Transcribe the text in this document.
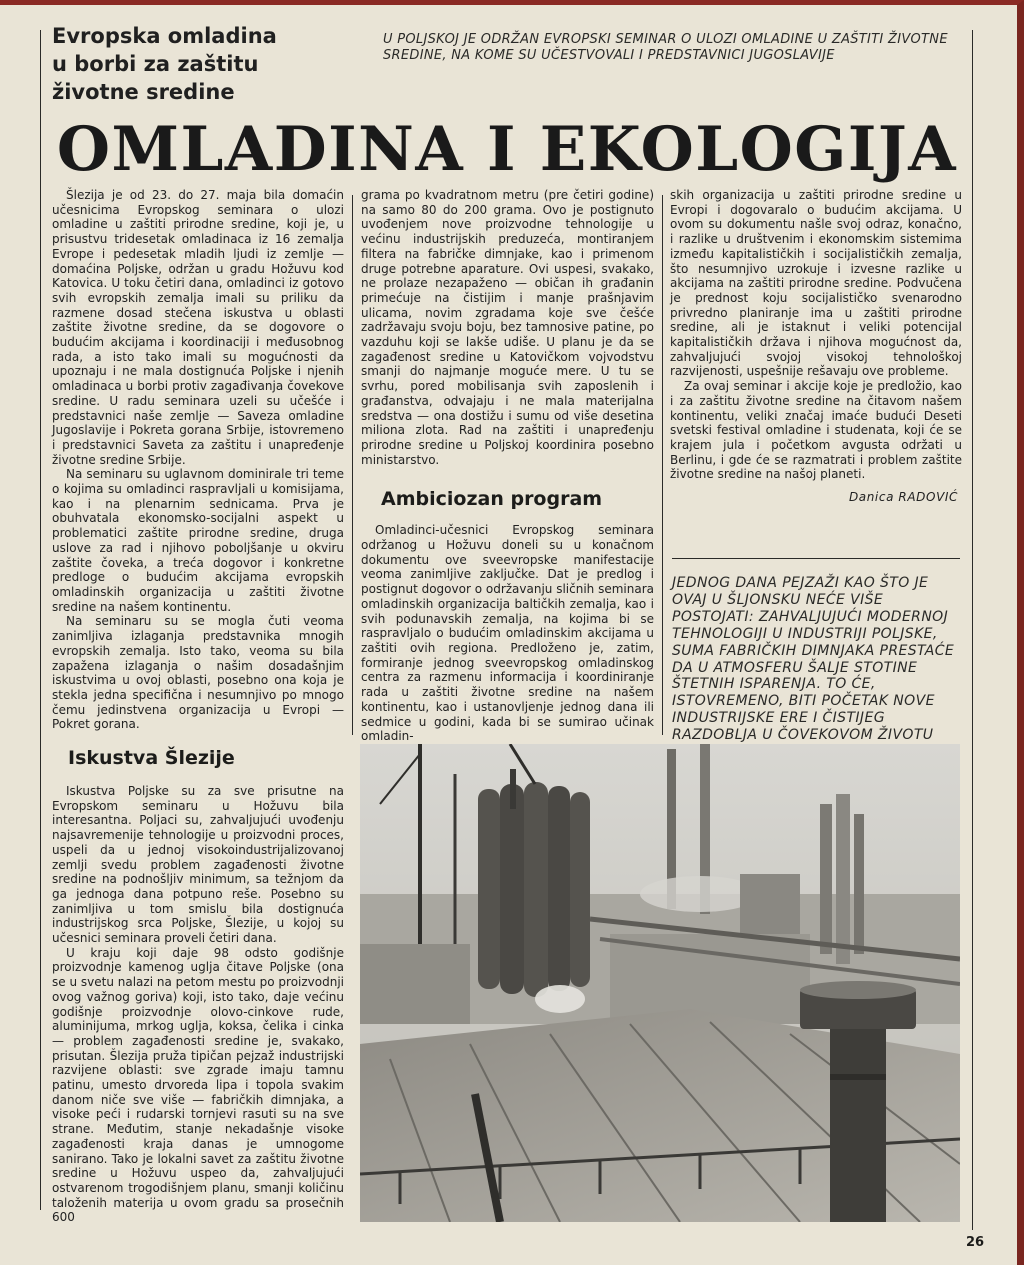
Evropska omladina
u borbi za zaštitu
životne sredine
U POLJSKOJ JE ODRŽAN EVROPSKI SEMINAR O ULOZI OMLADINE U ZAŠTITI ŽIVOTNE SREDINE, NA KOME SU UČESTVOVALI I PREDSTAVNICI JUGOSLAVIJE
OMLADINA I EKOLOGIJA

Šlezija je od 23. do 27. maja bila domaćin učesnicima Evropskog seminara o ulozi omladine u zaštiti prirodne sredine, koji je, u prisustvu tridesetak omladinaca iz 16 zemalja Evrope i pedesetak mladih ljudi iz zemlje — domaćina Poljske, održan u gradu Hožuvu kod Katovica. U toku četiri dana, omladinci iz gotovo svih evropskih zemalja imali su priliku da razmene dosad stečena iskustva u oblasti zaštite životne sredine, da se dogovore o budućim akcijama i koordinaciji i međusobnog rada, a isto tako imali su mogućnosti da upoznaju i ne mala dostignuća Poljske i njenih omladinaca u borbi protiv zagađivanja čovekove sredine. U radu seminara uzeli su učešće i predstavnici naše zemlje — Saveza omladine Jugoslavije i Pokreta gorana Srbije, istovremeno i predstavnici Saveta za zaštitu i unapređenje životne sredine Srbije.

Na seminaru su uglavnom dominirale tri teme o kojima su omladinci raspravljali u komisijama, kao i na plenarnim sednicama. Prva je obuhvatala ekonomsko-socijalni aspekt u problematici zaštite prirodne sredine, druga uslove za rad i njihovo poboljšanje u okviru zaštite čoveka, a treća dogovor i konkretne predloge o budućim akcijama evropskih omladinskih organizacija u zaštiti životne sredine na našem kontinentu.

Na seminaru su se mogla čuti veoma zanimljiva izlaganja predstavnika mnogih evropskih zemalja. Isto tako, veoma su bila zapažena izlaganja o našim dosadašnjim iskustvima u ovoj oblasti, posebno ona koja je stekla jedna specifična i nesumnjivo po mnogo čemu jedinstvena organizacija u Evropi — Pokret gorana.

Iskustva Šlezije

Iskustva Poljske su za sve prisutne na Evropskom seminaru u Hožuvu bila interesantna. Poljaci su, zahvaljujući uvođenju najsavremenije tehnologije u proizvodni proces, uspeli da u jednoj visokoindustrijalizovanoj zemlji svedu problem zagađenosti životne sredine na podnošljiv minimum, sa težnjom da ga jednoga dana potpuno reše. Posebno su zanimljiva u tom smislu bila dostignuća industrijskog srca Poljske, Šlezije, u kojoj su učesnici seminara proveli četiri dana.

U kraju koji daje 98 odsto godišnje proizvodnje kamenog uglja čitave Poljske (ona se u svetu nalazi na petom mestu po proizvodnji ovog važnog goriva) koji, isto tako, daje većinu godišnje proizvodnje olovo-cinkove rude, aluminijuma, mrkog uglja, koksa, čelika i cinka — problem zagađenosti sredine je, svakako, prisutan. Šlezija pruža tipičan pejzaž industrijski razvijene oblasti: sve zgrade imaju tamnu patinu, umesto drvoreda lipa i topola svakim danom niče sve više — fabričkih dimnjaka, a visoke peći i rudarski tornjevi rasuti su na sve strane. Međutim, stanje nekadašnje visoke zagađenosti kraja danas je umnogome sanirano. Tako je lokalni savet za zaštitu životne sredine u Hožuvu uspeo da, zahvaljujući ostvarenom trogodišnjem planu, smanji količinu taloženih materija u ovom gradu sa prosečnih 600

grama po kvadratnom metru (pre četiri godine) na samo 80 do 200 grama. Ovo je postignuto uvođenjem nove proizvodne tehnologije u većinu industrijskih preduzeća, montiranjem filtera na fabričke dimnjake, kao i primenom druge potrebne aparature. Ovi uspesi, svakako, ne prolaze nezapaženo — običan ih građanin primećuje na čistijim i manje prašnjavim ulicama, novim zgradama koje sve češće zadržavaju svoju boju, bez tamnosive patine, po vazduhu koji se lakše udiše. U planu je da se zagađenost sredine u Katovičkom vojvodstvu smanji do najmanje moguće mere. U tu se svrhu, pored mobilisanja svih zaposlenih i građanstva, odvajaju i ne mala materijalna sredstva — ona dostižu i sumu od više desetina miliona zlota. Rad na zaštiti i unapređenju prirodne sredine u Poljskoj koordinira posebno ministarstvo.

Ambiciozan program

Omladinci-učesnici Evropskog seminara održanog u Hožuvu doneli su u konačnom dokumentu ove sveevropske manifestacije veoma zanimljive zaključke. Dat je predlog i postignut dogovor o održavanju sličnih seminara omladinskih organizacija baltičkih zemalja, kao i svih podunavskih zemalja, na kojima bi se raspravljalo o budućim omladinskim akcijama u zaštiti ovih regiona. Predloženo je, zatim, formiranje jednog sveevropskog omladinskog centra za razmenu informacija i koordiniranje rada u zaštiti životne sredine na našem kontinentu, kao i ustanovljenje jednog dana ili sedmice u godini, kada bi se sumirao učinak omladin-

skih organizacija u zaštiti prirodne sredine u Evropi i dogovaralo o budućim akcijama. U ovom su dokumentu našle svoj odraz, konačno, i razlike u društvenim i ekonomskim sistemima između kapitalističkih i socijalističkih zemalja, što nesumnjivo uzrokuje i izvesne razlike u akcijama na zaštiti prirodne sredine. Podvučena je prednost koju socijalističko svenarodno privredno planiranje ima u zaštiti prirodne sredine, ali je istaknut i veliki potencijal kapitalističkih država i njihova mogućnost da, zahvaljujući svojoj visokoj tehnološkoj razvijenosti, uspešnije rešavaju ove probleme.

Za ovaj seminar i akcije koje je predložio, kao i za zaštitu životne sredine na čitavom našem kontinentu, veliki značaj imaće budući Deseti svetski festival omladine i studenata, koji će se krajem jula i početkom avgusta održati u Berlinu, i gde će se razmatrati i problem zaštite životne sredine na našoj planeti.

Danica RADOVIĆ
JEDNOG DANA PEJZAŽI KAO ŠTO JE OVAJ U ŠLJONSKU NEĆE VIŠE POSTOJATI: ZAHVALJUJUĆI MODERNOJ TEHNOLOGIJI U INDUSTRIJI POLJSKE, SUMA FABRIČKIH DIMNJAKA PRESTAĆE DA U ATMOSFERU ŠALJE STOTINE ŠTETNIH ISPARENJA. TO ĆE, ISTOVREMENO, BITI POČETAK NOVE INDUSTRIJSKE ERE I ČISTIJEG RAZDOBLJA U ČOVEKOVOM ŽIVOTU
26
